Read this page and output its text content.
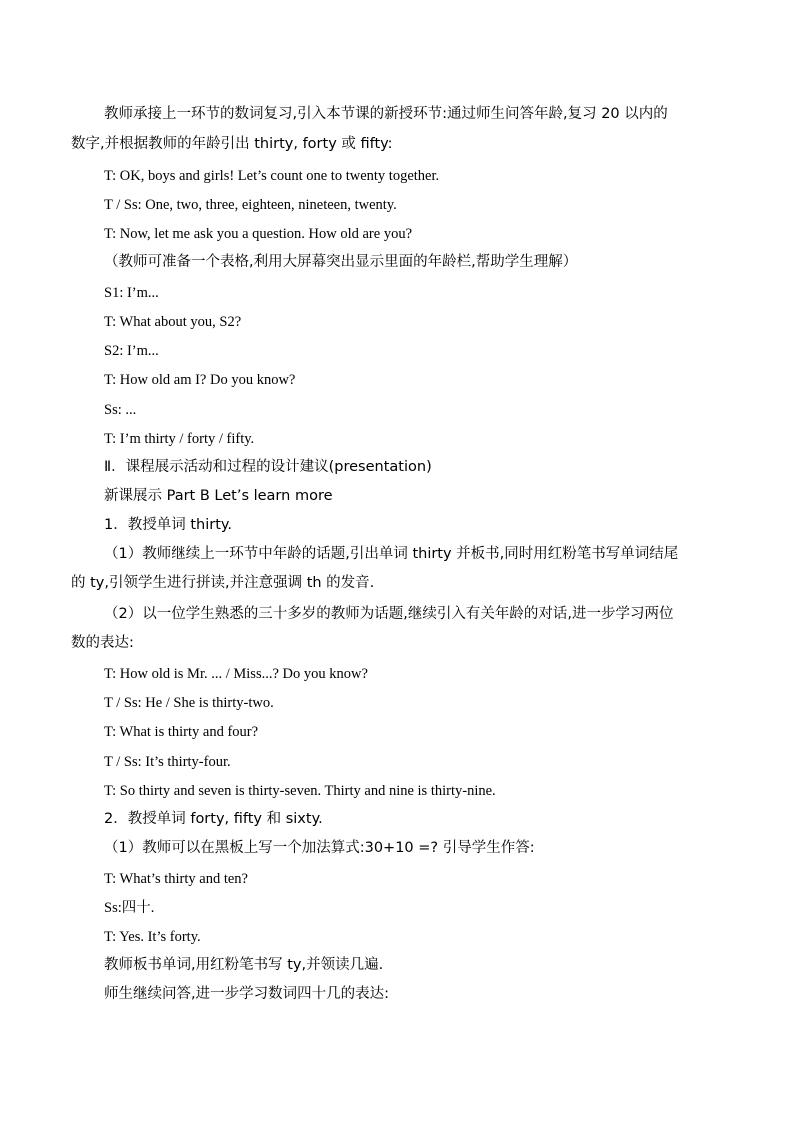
教师承接上一环节的数词复习,引入本节课的新授环节:通过师生问答年龄,复习 20 以内的
数字,并根据教师的年龄引出 thirty, forty 或 fifty:
T: OK, boys and girls! Let’s count one to twenty together.
T / Ss: One, two, three, eighteen, nineteen, twenty.
T: Now, let me ask you a question. How old are you?
（教师可准备一个表格,利用大屏幕突出显示里面的年龄栏,帮助学生理解）
S1: I’m...
T: What about you, S2?
S2: I’m...
T: How old am I? Do you know?
Ss: ...
T: I’m thirty / forty / fifty.
Ⅱ．课程展示活动和过程的设计建议(presentation)
新课展示 Part B Let’s learn more
1．教授单词 thirty.
（1）教师继续上一环节中年龄的话题,引出单词 thirty 并板书,同时用红粉笔书写单词结尾
的 ty,引领学生进行拼读,并注意强调 th 的发音.
（2）以一位学生熟悉的三十多岁的教师为话题,继续引入有关年龄的对话,进一步学习两位
数的表达:
T: How old is Mr. ... / Miss...? Do you know?
T / Ss: He / She is thirty-two.
T: What is thirty and four?
T / Ss: It’s thirty-four.
T: So thirty and seven is thirty-seven. Thirty and nine is thirty-nine.
2．教授单词 forty, fifty 和 sixty.
（1）教师可以在黑板上写一个加法算式:30+10 =? 引导学生作答:
T: What’s thirty and ten?
Ss:四十.
T: Yes. It’s forty.
教师板书单词,用红粉笔书写 ty,并领读几遍.
师生继续问答,进一步学习数词四十几的表达:
